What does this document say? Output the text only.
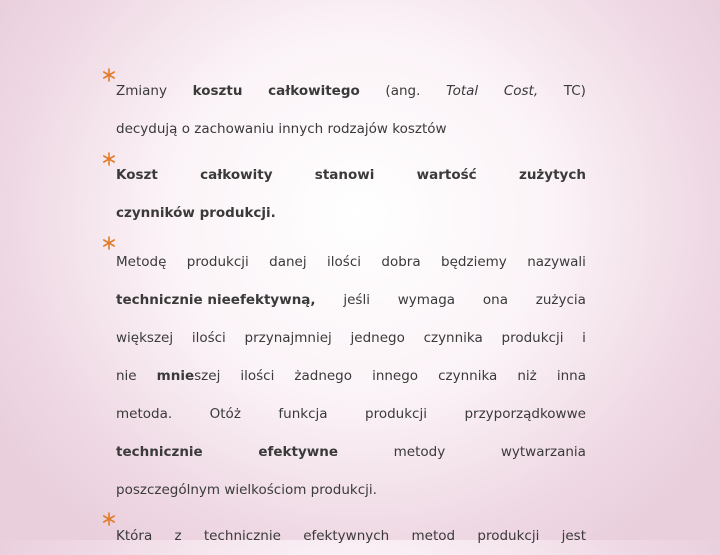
Zmiany kosztu całkowitego (ang. Total Cost, TC)
decydują o zachowaniu innych rodzajów kosztów
Koszt	całkowity	stanowi	wartość	zużytych
czynników produkcji.
Metodę produkcji danej ilości dobra będziemy nazywali
technicznie nieefektywną, jeśli wymaga ona zużycia
większej ilości przynajmniej jednego czynnika produkcji i
nie mnieszej ilości żadnego innego czynnika niż inna
metoda.	Otóż	funkcja	produkcji	przyporządkowwe
technicznie	efektywne	metody	wytwarzania
poszczególnym wielkościom produkcji.
Która z technicznie efektywnych metod produkcji jest
